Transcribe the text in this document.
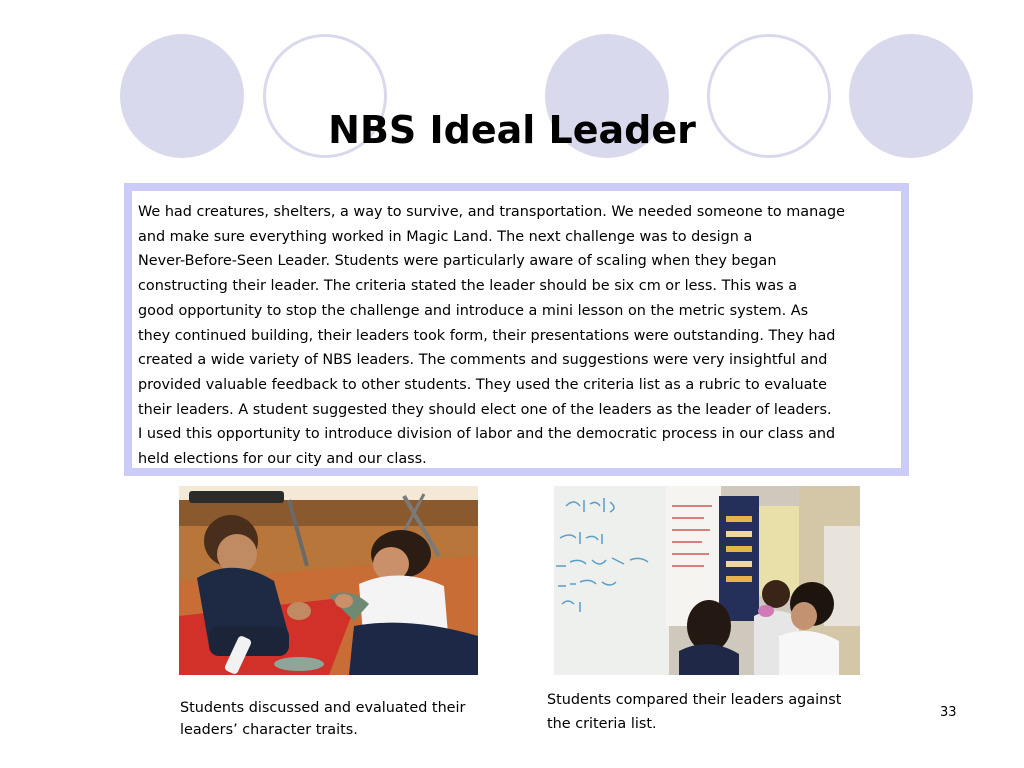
NBS Ideal Leader
We had creatures, shelters, a way to survive, and transportation. We needed someone to manage
and make sure everything worked in Magic Land. The next challenge was to design a
Never-Before-Seen Leader. Students were particularly aware of scaling when they began
constructing their leader. The criteria stated the leader should be six cm or less. This was a
good opportunity to stop the challenge and introduce a mini lesson on the metric system. As
they continued building, their leaders took form, their presentations were outstanding. They had
created a wide variety of NBS leaders. The comments and suggestions were very insightful and
provided valuable feedback to other students. They used the criteria list as a rubric to evaluate
their leaders. A student suggested they should elect one of the leaders as the leader of leaders.
I used this opportunity to introduce division of labor and the democratic process in our class and
held elections for our city and our class.
Students discussed and evaluated their
leaders’ character traits.
Students compared their leaders against
the criteria list.
33
